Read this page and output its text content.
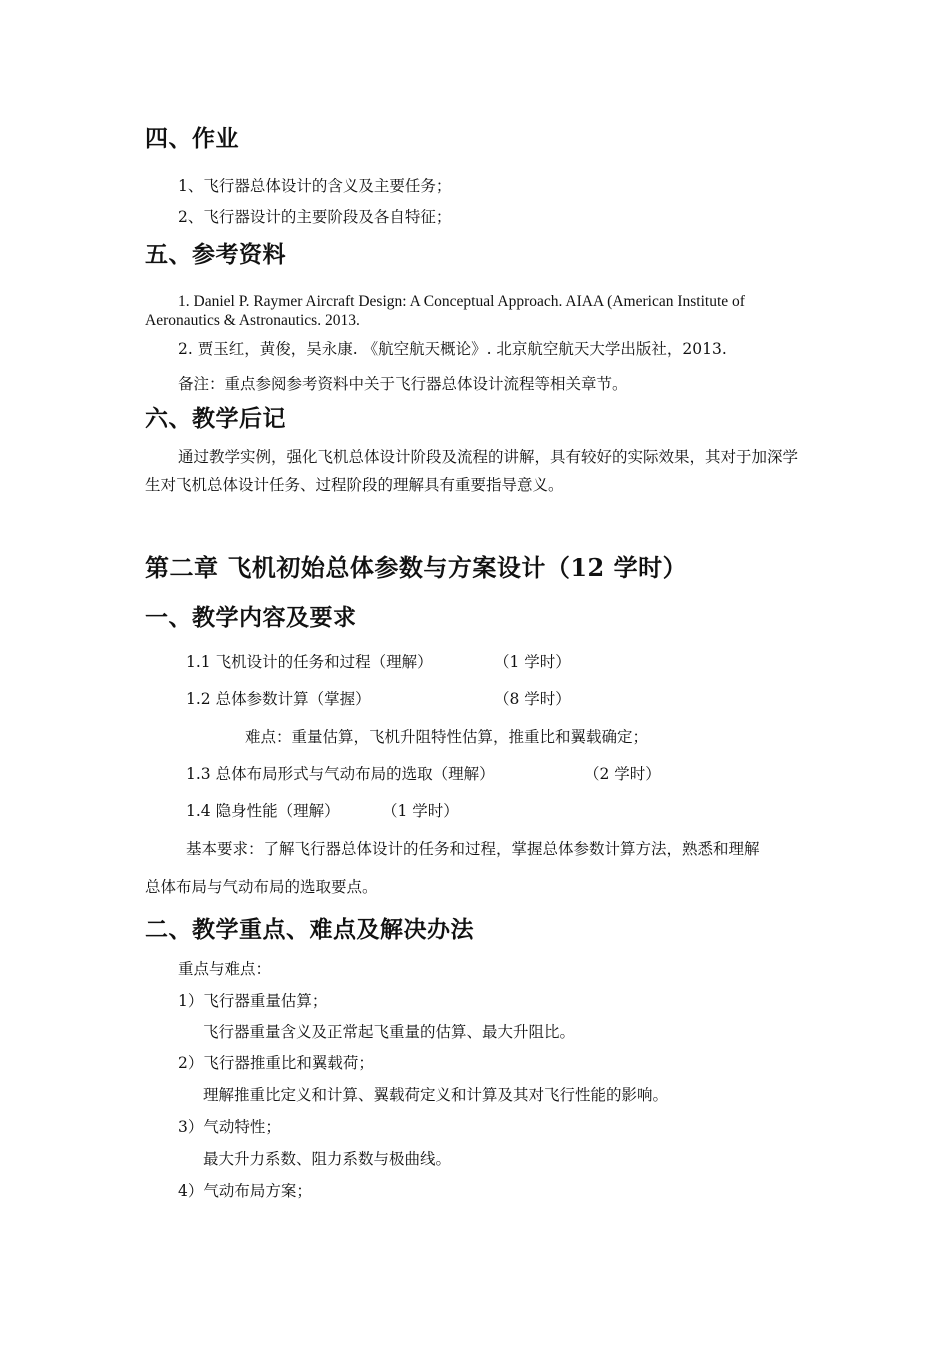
四、作业

1、飞行器总体设计的含义及主要任务；

2、飞行器设计的主要阶段及各自特征；

五、参考资料

1. Daniel P. Raymer Aircraft Design: A Conceptual Approach. AIAA (American Institute of

Aeronautics & Astronautics. 2013.

2. 贾玉红，黄俊，吴永康. 《航空航天概论》. 北京航空航天大学出版社，2013.

备注：重点参阅参考资料中关于飞行器总体设计流程等相关章节。

六、教学后记

通过教学实例，强化飞机总体设计阶段及流程的讲解，具有较好的实际效果，其对于加深学生对飞机总体设计任务、过程阶段的理解具有重要指导意义。

第二章 飞机初始总体参数与方案设计（12 学时）
一、教学内容及要求
1.1 飞机设计的任务和过程（理解）	（1 学时）
1.2 总体参数计算（掌握）	（8 学时）

难点：重量估算，飞机升阻特性估算，推重比和翼载确定；

1.3 总体布局形式与气动布局的选取（理解）	（2 学时）
1.4 隐身性能（理解）	（1 学时）

基本要求：了解飞行器总体设计的任务和过程，掌握总体参数计算方法，熟悉和理解

总体布局与气动布局的选取要点。

二、教学重点、难点及解决办法

重点与难点：

1）飞行器重量估算；

飞行器重量含义及正常起飞重量的估算、最大升阻比。

2）飞行器推重比和翼载荷；

理解推重比定义和计算、翼载荷定义和计算及其对飞行性能的影响。

3）气动特性；

最大升力系数、阻力系数与极曲线。

4）气动布局方案；
